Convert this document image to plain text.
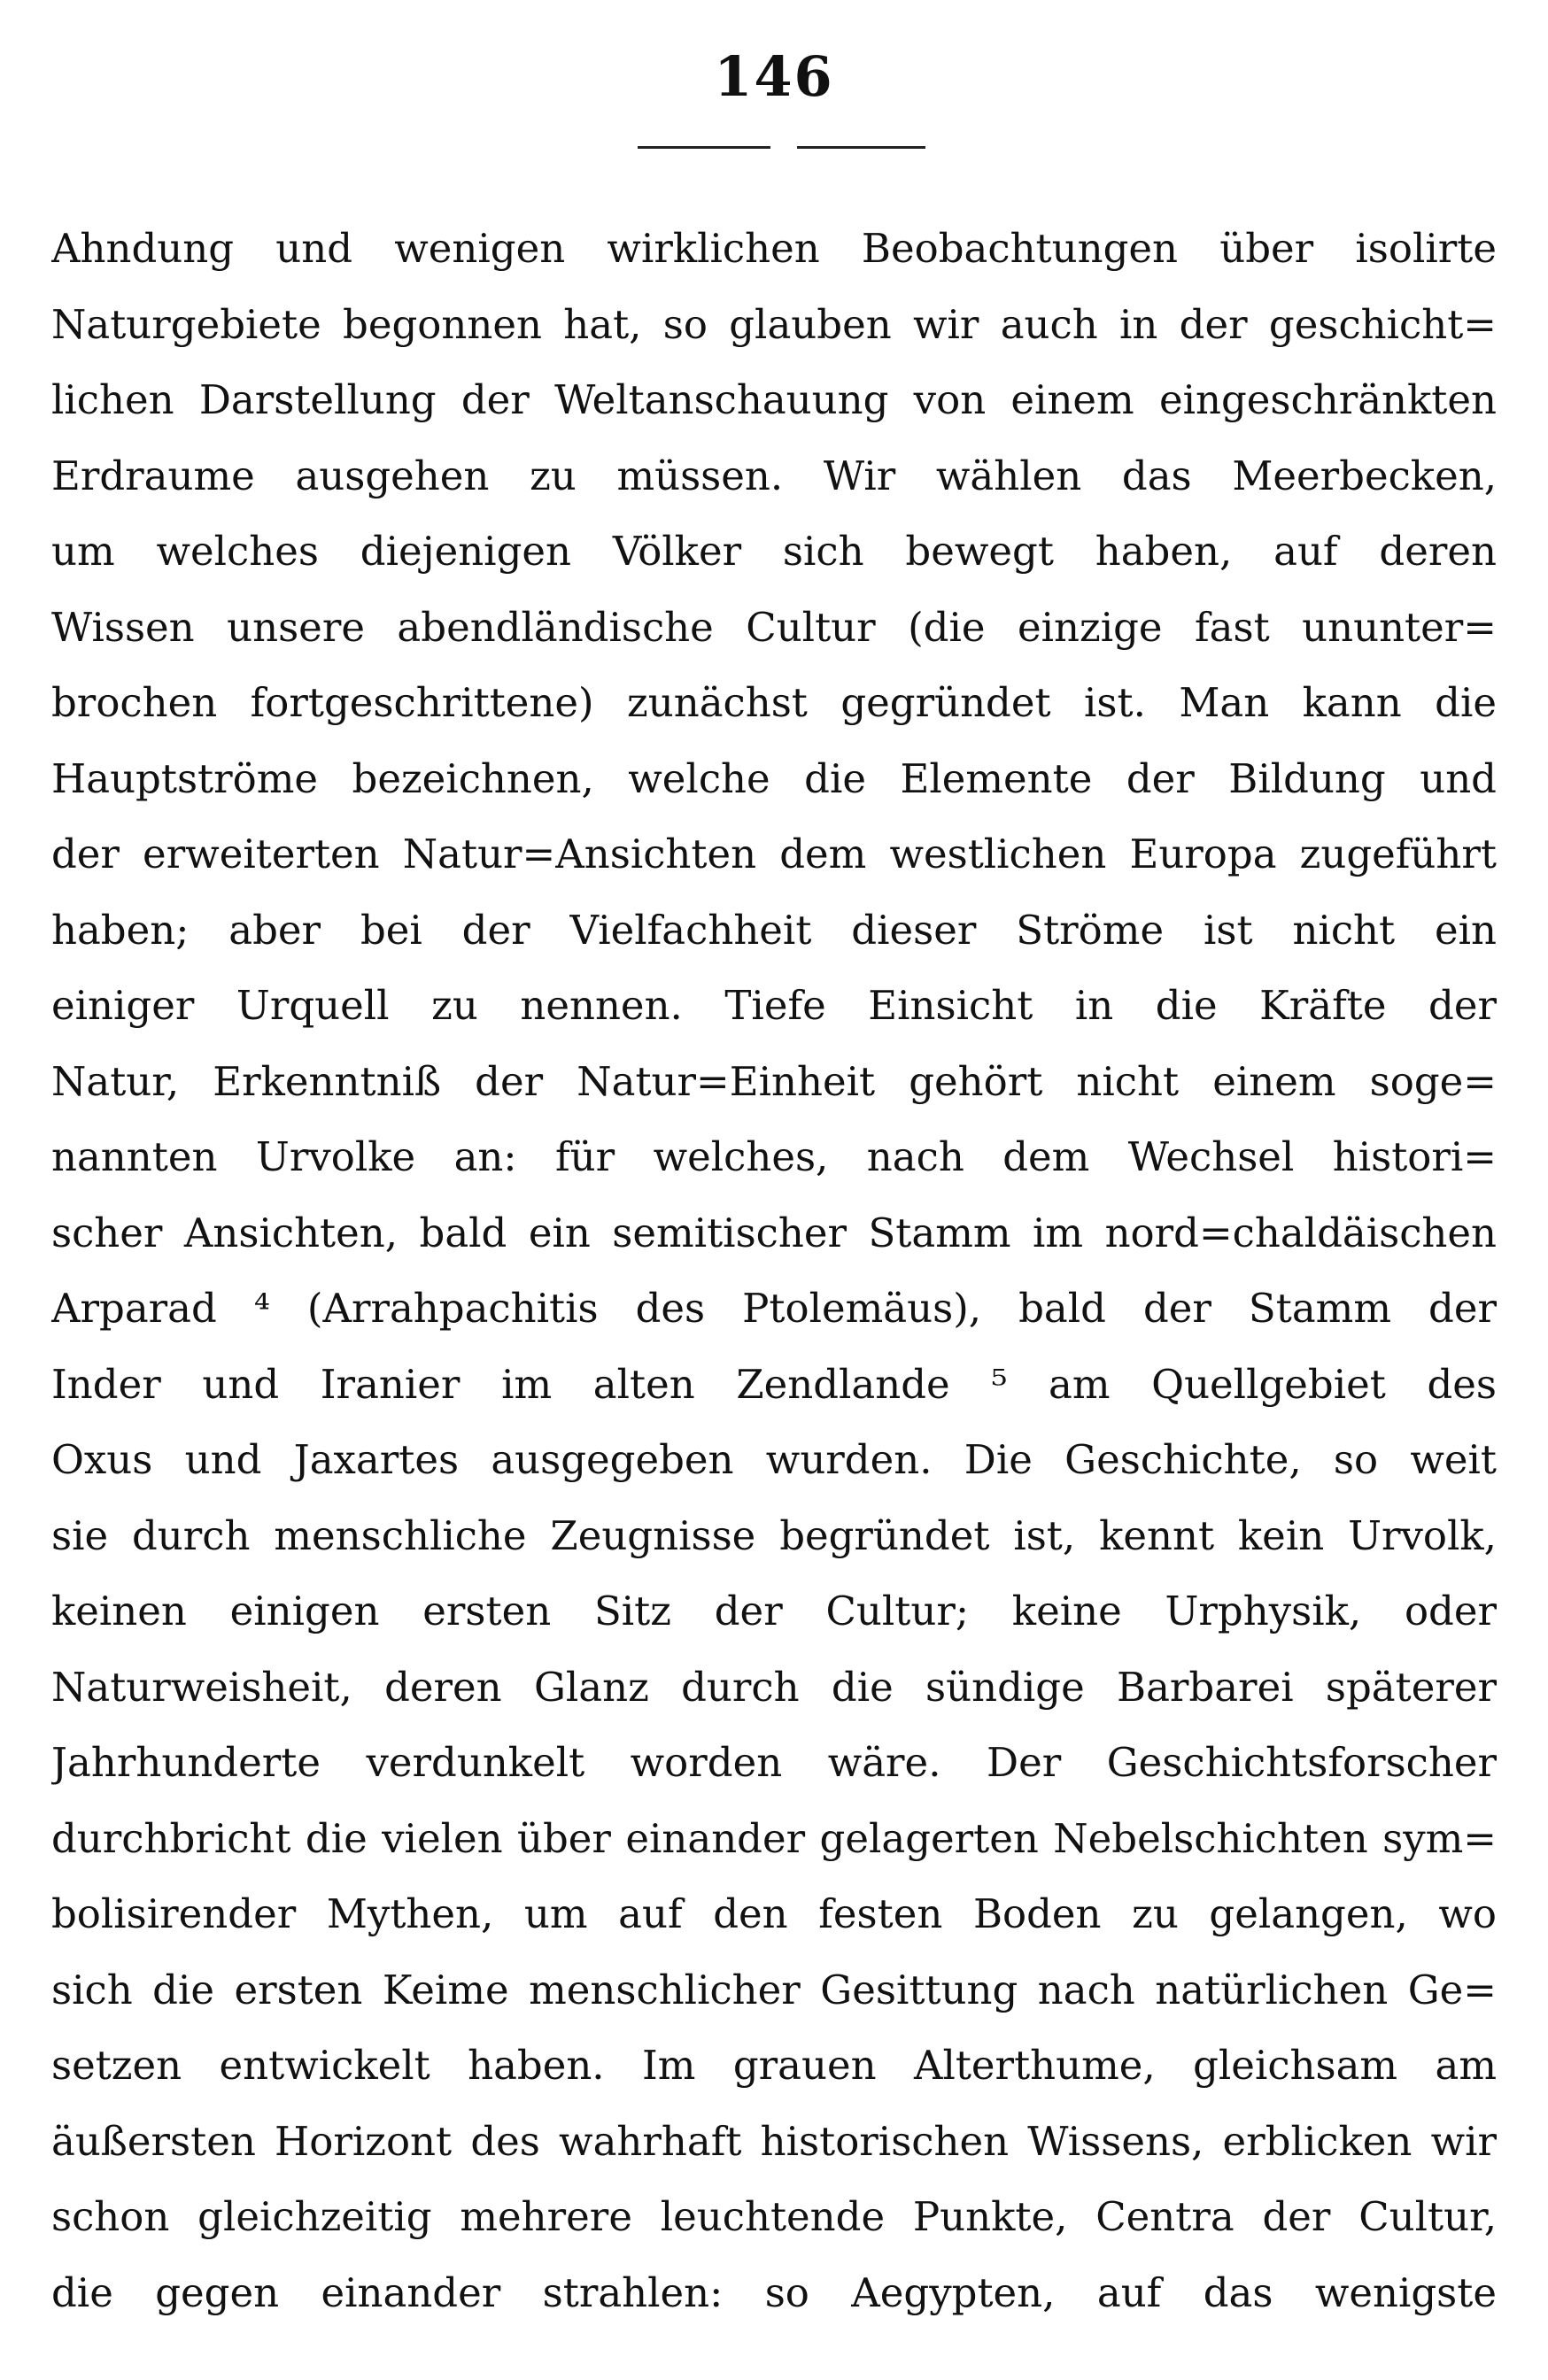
146
Ahndung und wenigen wirklichen Beobachtungen über isolirte
Naturgebiete begonnen hat, so glauben wir auch in der geschicht=
lichen Darstellung der Weltanschauung von einem eingeschränkten
Erdraume ausgehen zu müssen. Wir wählen das Meerbecken,
um welches diejenigen Völker sich bewegt haben, auf deren
Wissen unsere abendländische Cultur (die einzige fast ununter=
brochen fortgeschrittene) zunächst gegründet ist. Man kann die
Hauptströme bezeichnen, welche die Elemente der Bildung und
der erweiterten Natur=Ansichten dem westlichen Europa zugeführt
haben; aber bei der Vielfachheit dieser Ströme ist nicht ein
einiger Urquell zu nennen. Tiefe Einsicht in die Kräfte der
Natur, Erkenntniß der Natur=Einheit gehört nicht einem soge=
nannten Urvolke an: für welches, nach dem Wechsel histori=
scher Ansichten, bald ein semitischer Stamm im nord=chaldäischen
Arparad ⁴ (Arrahpachitis des Ptolemäus), bald der Stamm der
Inder und Iranier im alten Zendlande ⁵ am Quellgebiet des
Oxus und Jaxartes ausgegeben wurden. Die Geschichte, so weit
sie durch menschliche Zeugnisse begründet ist, kennt kein Urvolk,
keinen einigen ersten Sitz der Cultur; keine Urphysik, oder
Naturweisheit, deren Glanz durch die sündige Barbarei späterer
Jahrhunderte verdunkelt worden wäre. Der Geschichtsforscher
durchbricht die vielen über einander gelagerten Nebelschichten sym=
bolisirender Mythen, um auf den festen Boden zu gelangen, wo
sich die ersten Keime menschlicher Gesittung nach natürlichen Ge=
setzen entwickelt haben. Im grauen Alterthume, gleichsam am
äußersten Horizont des wahrhaft historischen Wissens, erblicken wir
schon gleichzeitig mehrere leuchtende Punkte, Centra der Cultur,
die gegen einander strahlen: so Aegypten, auf das wenigste
